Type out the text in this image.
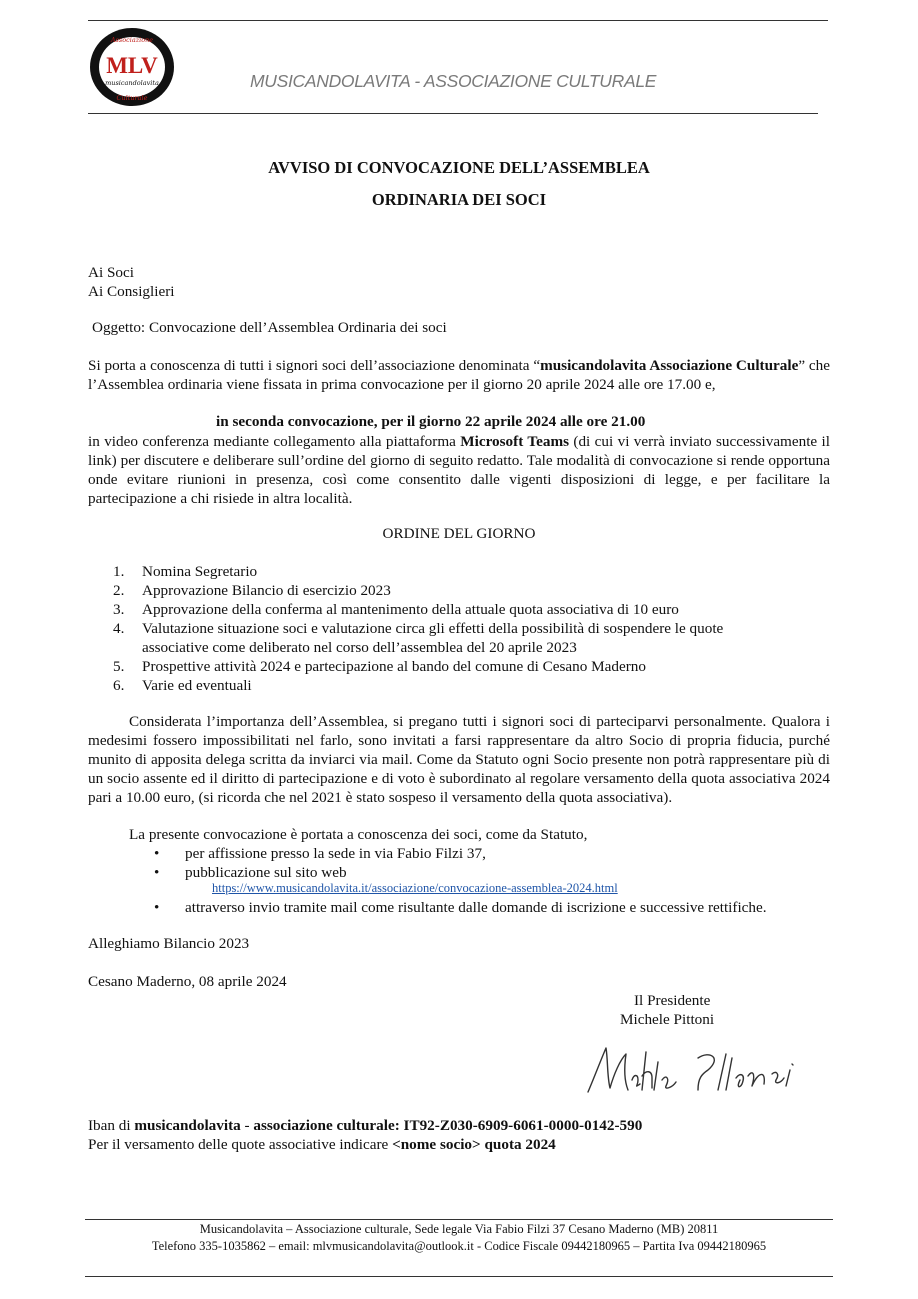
Associazione
MLV
musicandolavita
Culturale
MUSICANDOLAVITA - ASSOCIAZIONE CULTURALE
AVVISO DI CONVOCAZIONE DELL’ASSEMBLEA
ORDINARIA DEI SOCI
Ai Soci
Ai Consiglieri
Oggetto: Convocazione dell’Assemblea Ordinaria dei soci
Si porta a conoscenza di tutti i signori soci dell’associazione denominata “musicandolavita Associazione Culturale” che l’Assemblea ordinaria viene fissata in prima convocazione per il giorno 20 aprile 2024 alle ore 17.00 e,
in seconda convocazione, per il giorno 22 aprile 2024 alle ore 21.00
in video conferenza mediante collegamento alla piattaforma Microsoft Teams (di cui vi verrà inviato successivamente il link) per discutere e deliberare sull’ordine del giorno di seguito redatto. Tale modalità di convocazione si rende opportuna onde evitare riunioni in presenza, così come consentito dalle vigenti disposizioni di legge, e per facilitare la partecipazione a chi risiede in altra località.
ORDINE DEL GIORNO
1. Nomina Segretario
2. Approvazione Bilancio di esercizio 2023
3. Approvazione della conferma al mantenimento della attuale quota associativa di 10 euro
4. Valutazione situazione soci e valutazione circa gli effetti della possibilità di sospendere le quote associative come deliberato nel corso dell’assemblea del 20 aprile 2023
5. Prospettive attività 2024 e partecipazione al bando del comune di Cesano Maderno
6. Varie ed eventuali
Considerata l’importanza dell’Assemblea, si pregano tutti i signori soci di parteciparvi personalmente. Qualora i medesimi fossero impossibilitati nel farlo, sono invitati a farsi rappresentare da altro Socio di propria fiducia, purché munito di apposita delega scritta da inviarci via mail. Come da Statuto ogni Socio presente non potrà rappresentare più di un socio assente ed il diritto di partecipazione e di voto è subordinato al regolare versamento della quota associativa 2024 pari a 10.00 euro, (si ricorda che nel 2021 è stato sospeso il versamento della quota associativa).
La presente convocazione è portata a conoscenza dei soci, come da Statuto,
• per affissione presso la sede in via Fabio Filzi 37,
• pubblicazione sul sito web
https://www.musicandolavita.it/associazione/convocazione-assemblea-2024.html
• attraverso invio tramite mail come risultante dalle domande di iscrizione e successive rettifiche.
Alleghiamo Bilancio 2023
Cesano Maderno, 08 aprile 2024
Il Presidente
Michele Pittoni
Iban di musicandolavita - associazione culturale: IT92-Z030-6909-6061-0000-0142-590
Per il versamento delle quote associative indicare <nome socio> quota 2024
Musicandolavita – Associazione culturale, Sede legale Via Fabio Filzi 37 Cesano Maderno (MB) 20811
Telefono 335-1035862 – email: mlvmusicandolavita@outlook.it - Codice Fiscale 09442180965 – Partita Iva 09442180965
